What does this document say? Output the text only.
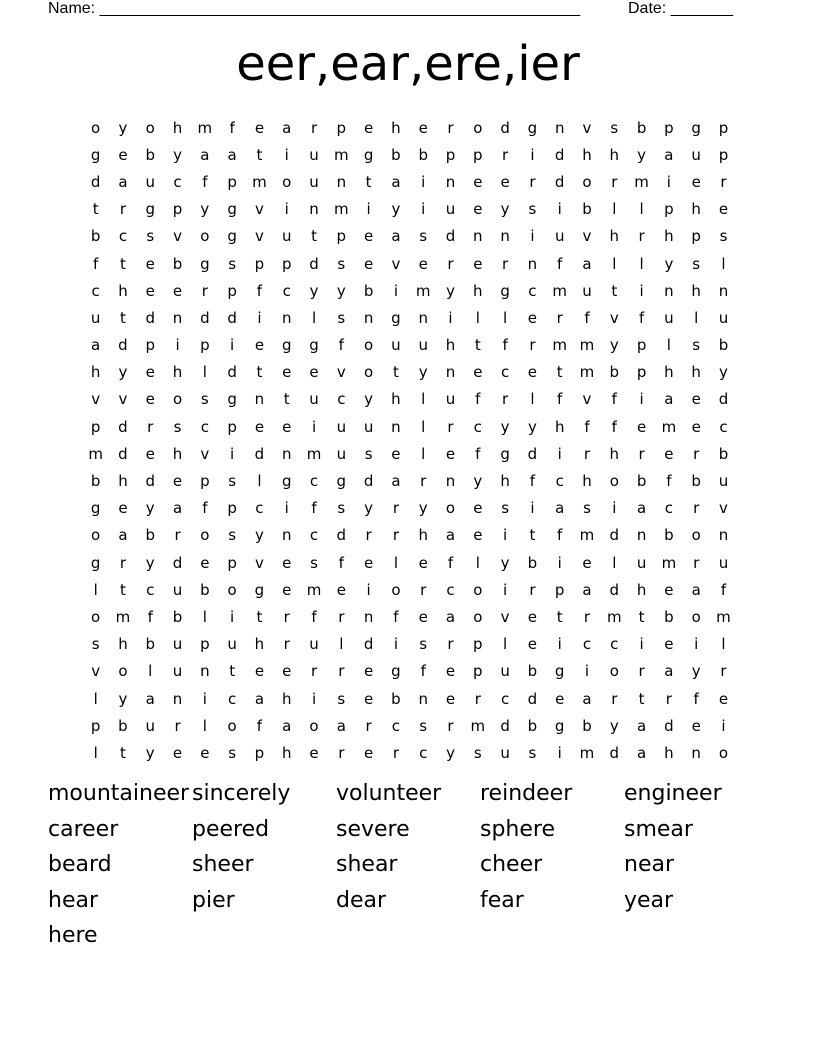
Name: ______________________________________________________	Date: _______
eer,ear,ere,ier
o	y	o	h	m	f	e	a	r	p	e	h	e	r	o	d	g	n	v	s	b	p	g	p
g	e	b	y	a	a	t	i	u	m	g	b	b	p	p	r	i	d	h	h	y	a	u	p
d	a	u	c	f	p	m	o	u	n	t	a	i	n	e	e	r	d	o	r	m	i	e	r
t	r	g	p	y	g	v	i	n	m	i	y	i	u	e	y	s	i	b	l	l	p	h	e
b	c	s	v	o	g	v	u	t	p	e	a	s	d	n	n	i	u	v	h	r	h	p	s
f	t	e	b	g	s	p	p	d	s	e	v	e	r	e	r	n	f	a	l	l	y	s	l
c	h	e	e	r	p	f	c	y	y	b	i	m	y	h	g	c	m	u	t	i	n	h	n
u	t	d	n	d	d	i	n	l	s	n	g	n	i	l	l	e	r	f	v	f	u	l	u
a	d	p	i	p	i	e	g	g	f	o	u	u	h	t	f	r	m m	y	p	l	s	b
h	y	e	h	l	d	t	e	e	v	o	t	y	n	e	c	e	t	m	b	p	h	h	y
v	v	e	o	s	g	n	t	u	c	y	h	l	u	f	r	l	f	v	f	i	a	e	d
p	d	r	s	c	p	e	e	i	u	u	n	l	r	c	y	y	h	f	f	e	m	e	c
m	d	e	h	v	i	d	n	m	u	s	e	l	e	f	g	d	i	r	h	r	e	r	b
b	h	d	e	p	s	l	g	c	g	d	a	r	n	y	h	f	c	h	o	b	f	b	u
g	e	y	a	f	p	c	i	f	s	y	r	y	o	e	s	i	a	s	i	a	c	r	v
o	a	b	r	o	s	y	n	c	d	r	r	h	a	e	i	t	f	m	d	n	b	o	n
g	r	y	d	e	p	v	e	s	f	e	l	e	f	l	y	b	i	e	l	u	m	r	u
l	t	c	u	b	o	g	e	m	e	i	o	r	c	o	i	r	p	a	d	h	e	a	f
o	m	f	b	l	i	t	r	f	r	n	f	e	a	o	v	e	t	r	m	t	b	o	m
s	h	b	u	p	u	h	r	u	l	d	i	s	r	p	l	e	i	c	c	i	e	i	l
v	o	l	u	n	t	e	e	r	r	e	g	f	e	p	u	b	g	i	o	r	a	y	r
l	y	a	n	i	c	a	h	i	s	e	b	n	e	r	c	d	e	a	r	t	r	f	e
p	b	u	r	l	o	f	a	o	a	r	c	s	r	m	d	b	g	b	y	a	d	e	i
l	t	y	e	e	s	p	h	e	r	e	r	c	y	s	u	s	i	m	d	a	h	n	o
mountaineer sincerely	volunteer	reindeer	engineer
career	peered	severe	sphere	smear
beard	sheer	shear	cheer	near
hear	pier	dear	fear	year
here
